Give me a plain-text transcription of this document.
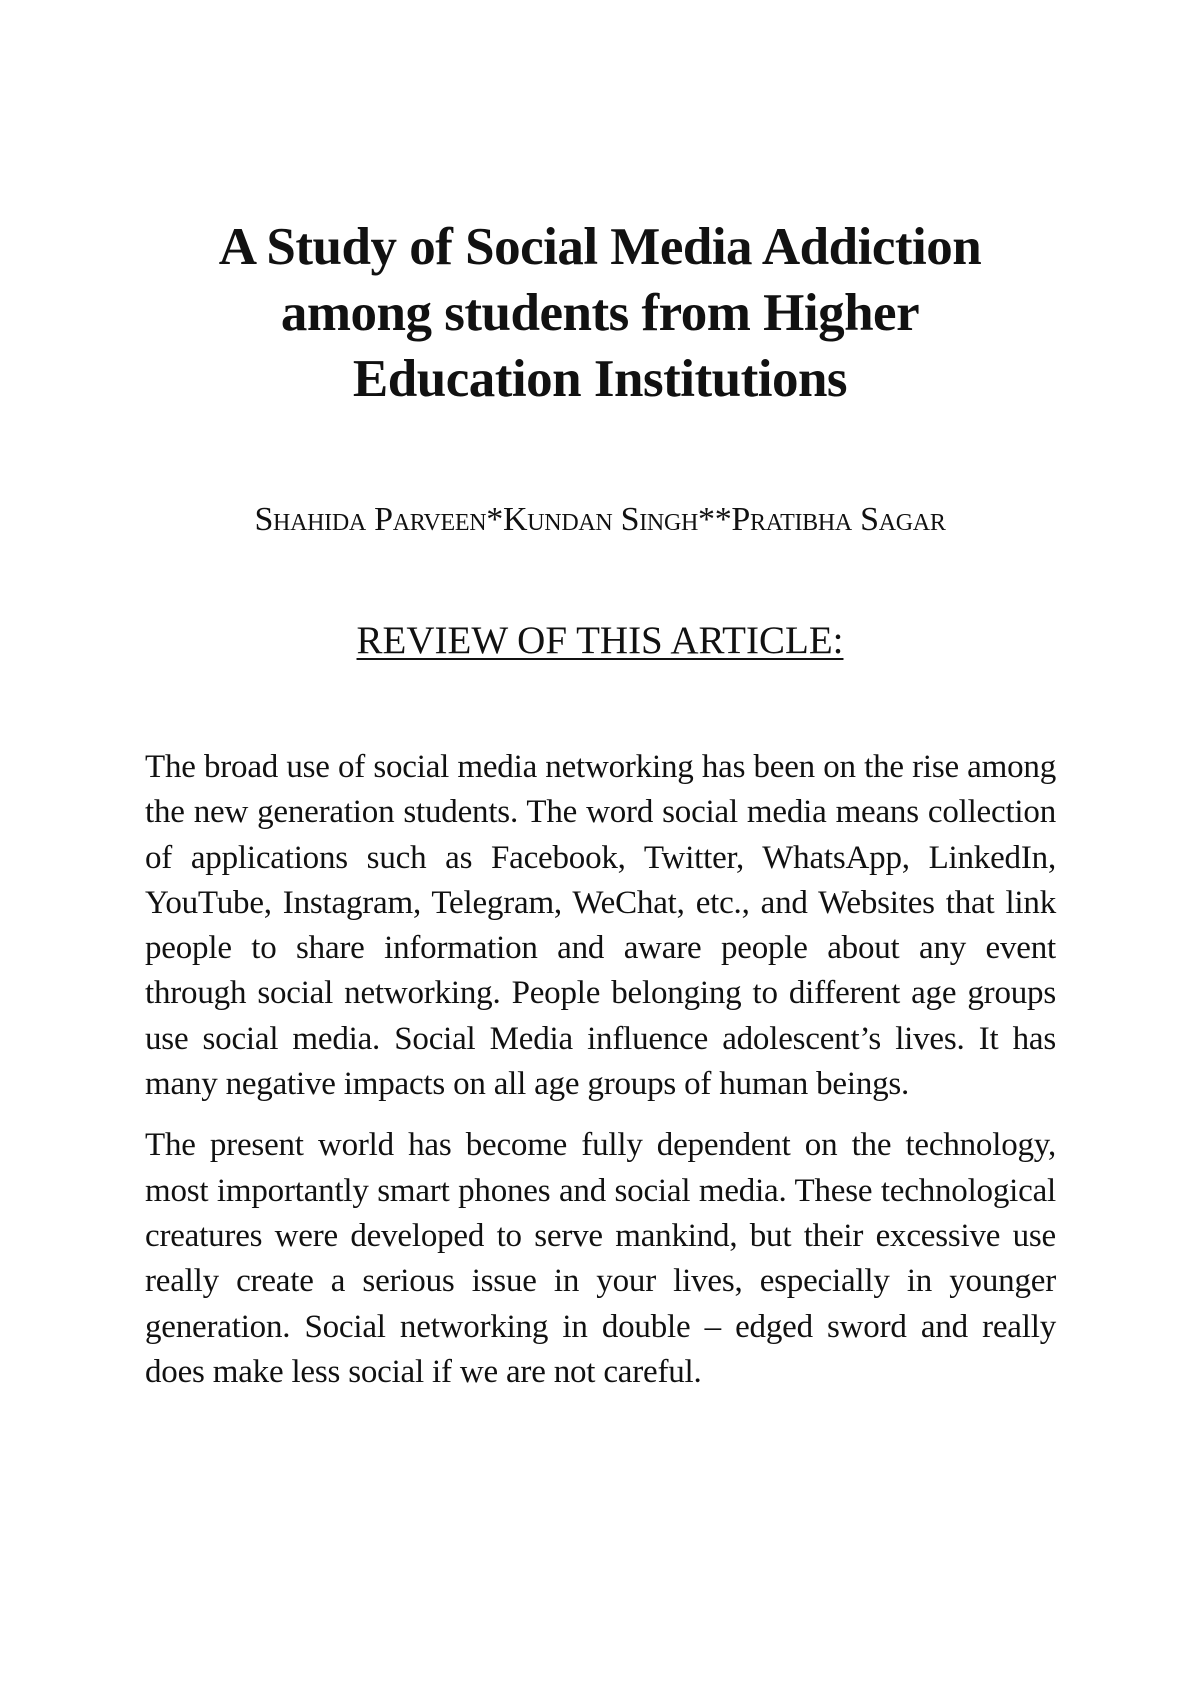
A Study of Social Media Addiction
among students from Higher
Education Institutions
Shahida Parveen*Kundan Singh**Pratibha Sagar
REVIEW OF THIS ARTICLE:

The broad use of social media networking has been on the rise among the new generation students. The word social media means collection of applications such as Facebook, Twitter, WhatsApp, LinkedIn, YouTube, Instagram, Telegram, WeChat, etc., and Websites that link people to share information and aware people about any event through social networking. People belonging to different age groups use social media. Social Media influence adolescent’s lives. It has many negative impacts on all age groups of human beings.

The present world has become fully dependent on the technology, most importantly smart phones and social media. These technological creatures were developed to serve mankind, but their excessive use really create a serious issue in your lives, especially in younger generation. Social networking in double – edged sword and really does make less social if we are not careful.
